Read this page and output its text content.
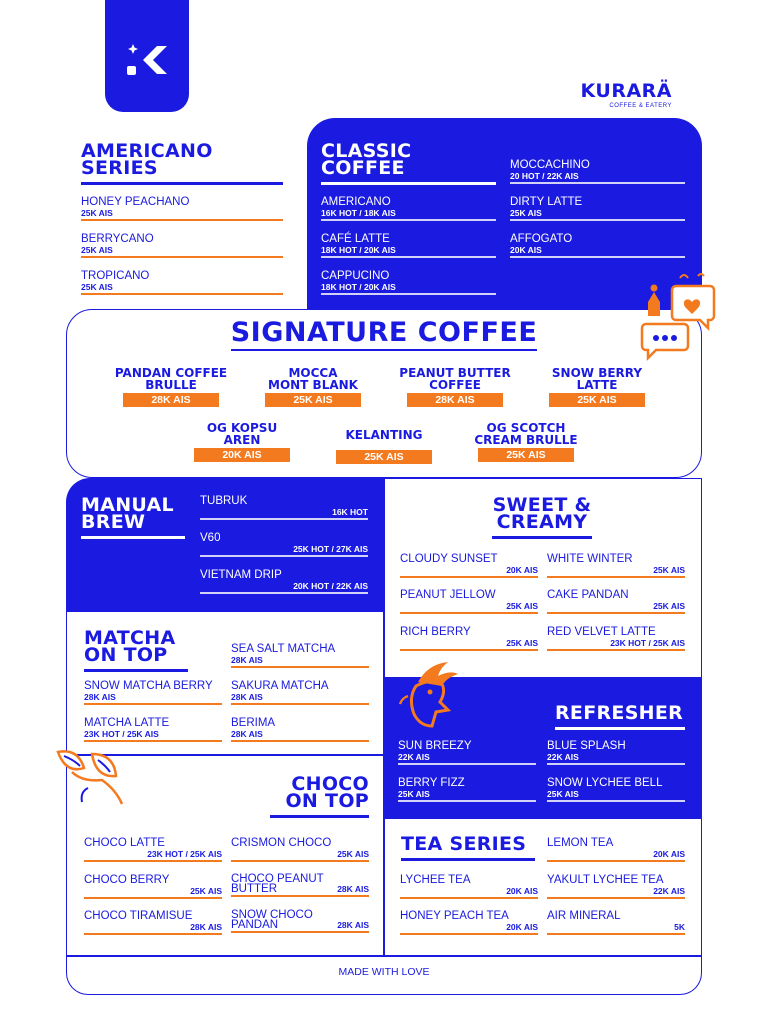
KURARÄ
COFFEE & EATERY
AMERICANO
SERIES
HONEY PEACHANO
25K AIS
BERRYCANO
25K AIS
TROPICANO
25K AIS
CLASSIC
COFFEE
AMERICANO
16K HOT / 18K AIS
CAFÉ LATTE
18K HOT / 20K AIS
CAPPUCINO
18K HOT / 20K AIS
MOCCACHINO
20 HOT / 22K AIS
DIRTY LATTE
25K AIS
AFFOGATO
20K AIS
SIGNATURE COFFEE
PANDAN COFFEE
BRULLE
28K AIS
MOCCA
MONT BLANK
25K AIS
PEANUT BUTTER
COFFEE
28K AIS
SNOW BERRY
LATTE
25K AIS
OG KOPSU
AREN
20K AIS
KELANTING
25K AIS
OG SCOTCH
CREAM BRULLE
25K AIS
MANUAL
BREW
TUBRUK
16K HOT
V60
25K HOT / 27K AIS
VIETNAM DRIP
20K HOT / 22K AIS
SWEET &
CREAMY
CLOUDY SUNSET
20K AIS
PEANUT JELLOW
25K AIS
RICH BERRY
25K AIS
WHITE WINTER
25K AIS
CAKE PANDAN
25K AIS
RED VELVET LATTE
23K HOT / 25K AIS
MATCHA
ON TOP
SNOW MATCHA BERRY
28K AIS
MATCHA LATTE
23K HOT / 25K AIS
SEA SALT MATCHA
28K AIS
SAKURA MATCHA
28K AIS
BERIMA
28K AIS
REFRESHER
SUN BREEZY
22K AIS
BERRY FIZZ
25K AIS
BLUE SPLASH
22K AIS
SNOW LYCHEE BELL
25K AIS
CHOCO
ON TOP
CHOCO LATTE
23K HOT / 25K AIS
CHOCO BERRY
25K AIS
CHOCO TIRAMISUE
28K AIS
CRISMON CHOCO
25K AIS
CHOCO PEANUT
BUTTER	28K AIS
SNOW CHOCO
PANDAN	28K AIS
TEA SERIES
LYCHEE TEA
20K AIS
HONEY PEACH TEA
20K AIS
LEMON TEA
20K AIS
YAKULT LYCHEE TEA
22K AIS
AIR MINERAL
5K
MADE WITH LOVE
